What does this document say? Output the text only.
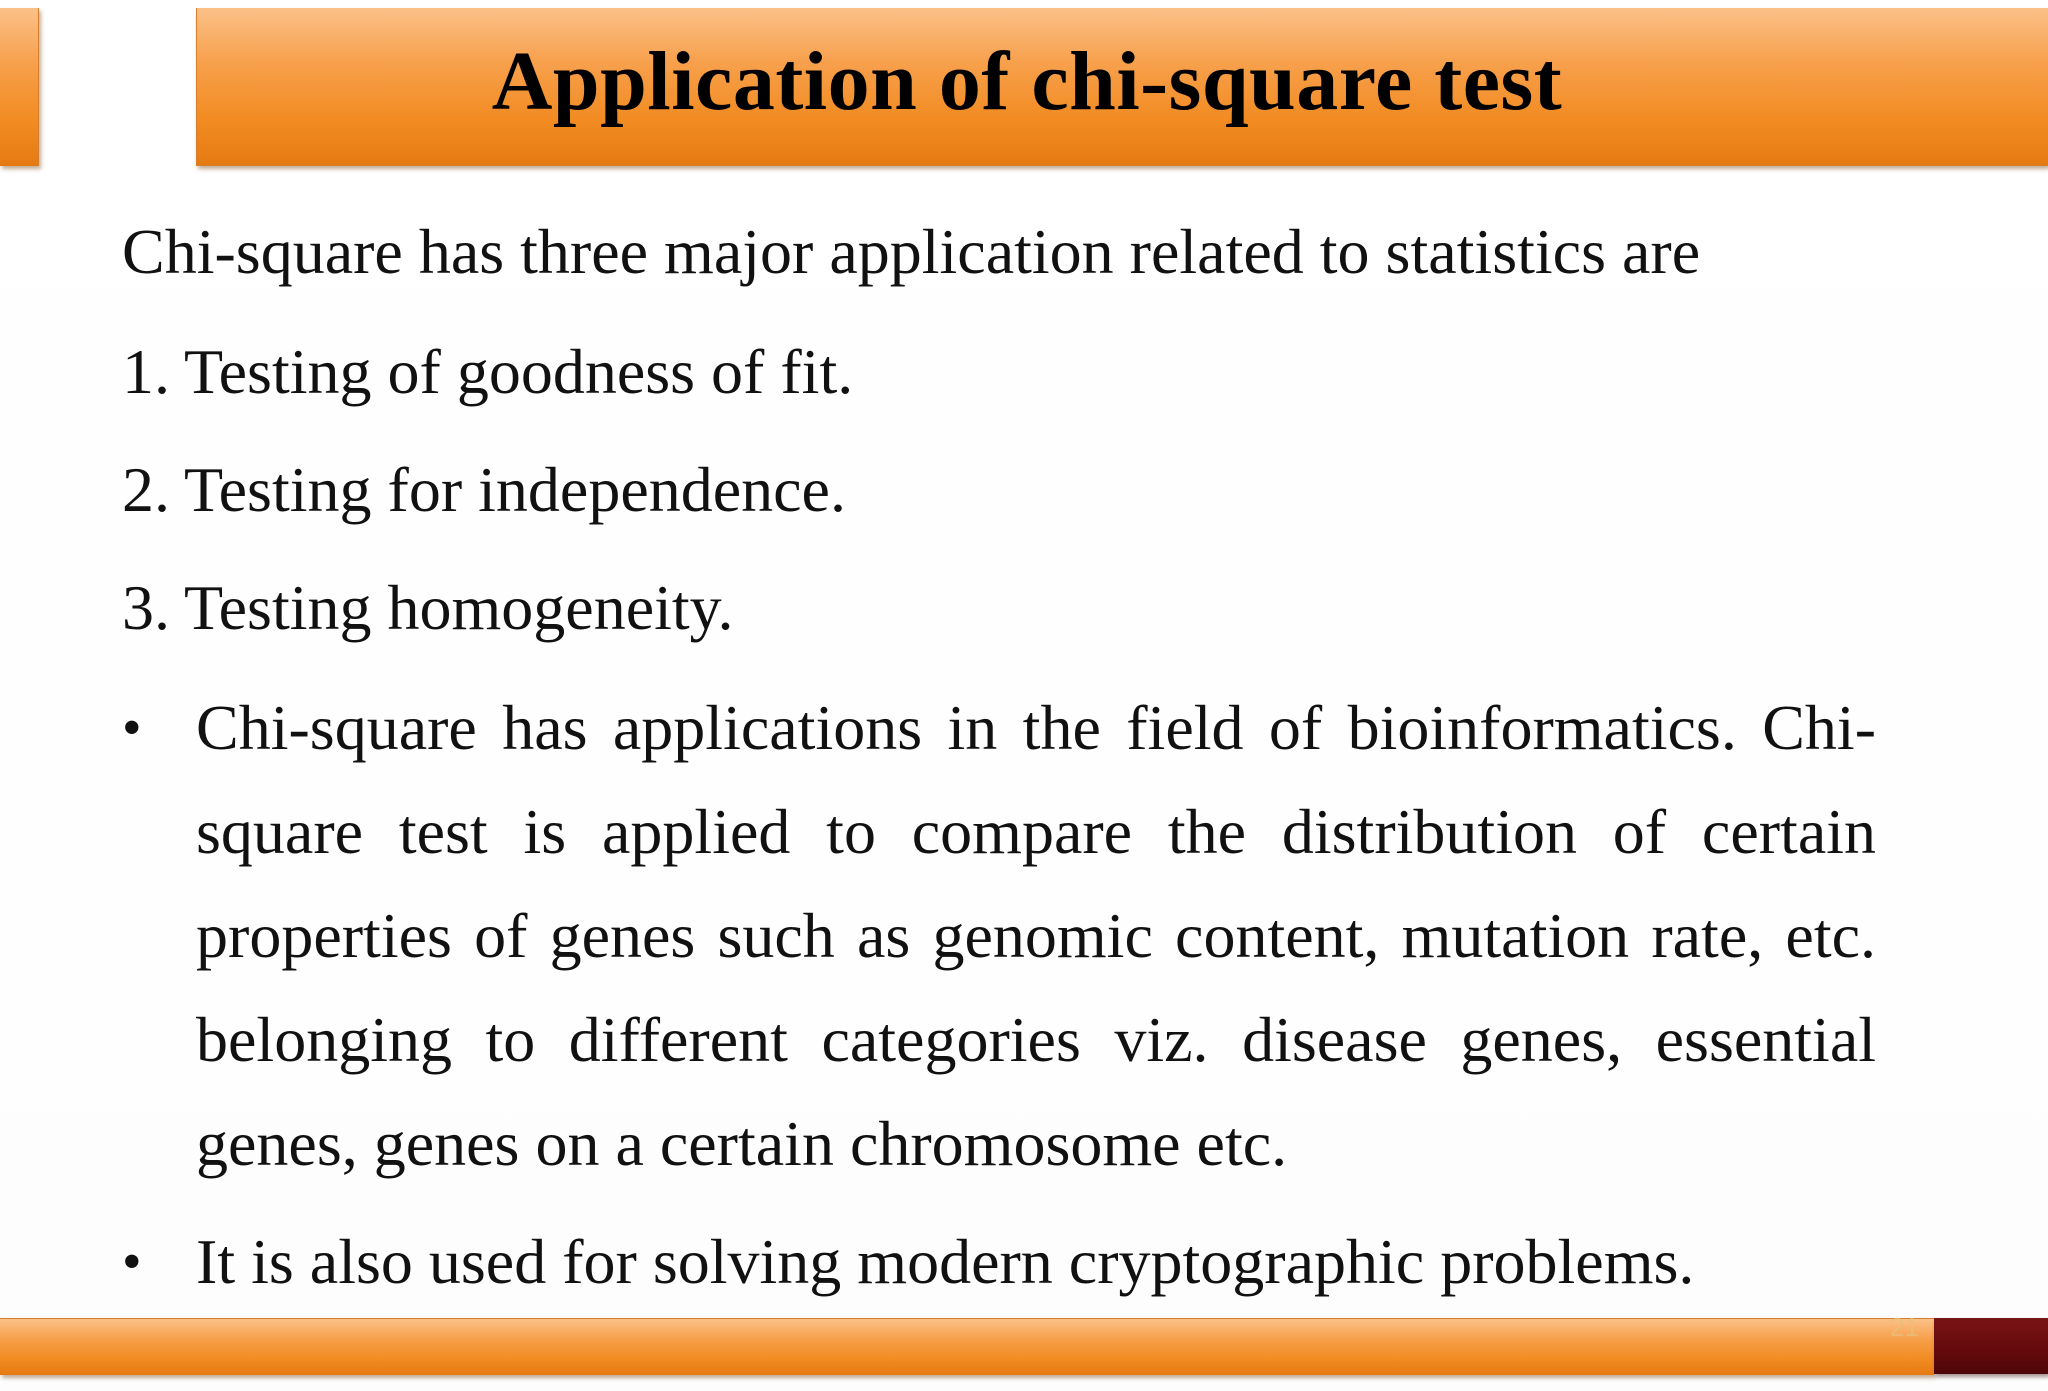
Application of chi-square test
Chi-square has three major application related to statistics are
1. Testing of goodness of fit.
2. Testing for independence.
3. Testing homogeneity.
• Chi-square has applications in the field of bioinformatics. Chi-square test is applied to compare the distribution of certain properties of genes such as genomic content, mutation rate, etc. belonging to different categories viz. disease genes, essential genes, genes on a certain chromosome etc.

• It is also used for solving modern cryptographic problems.

21
